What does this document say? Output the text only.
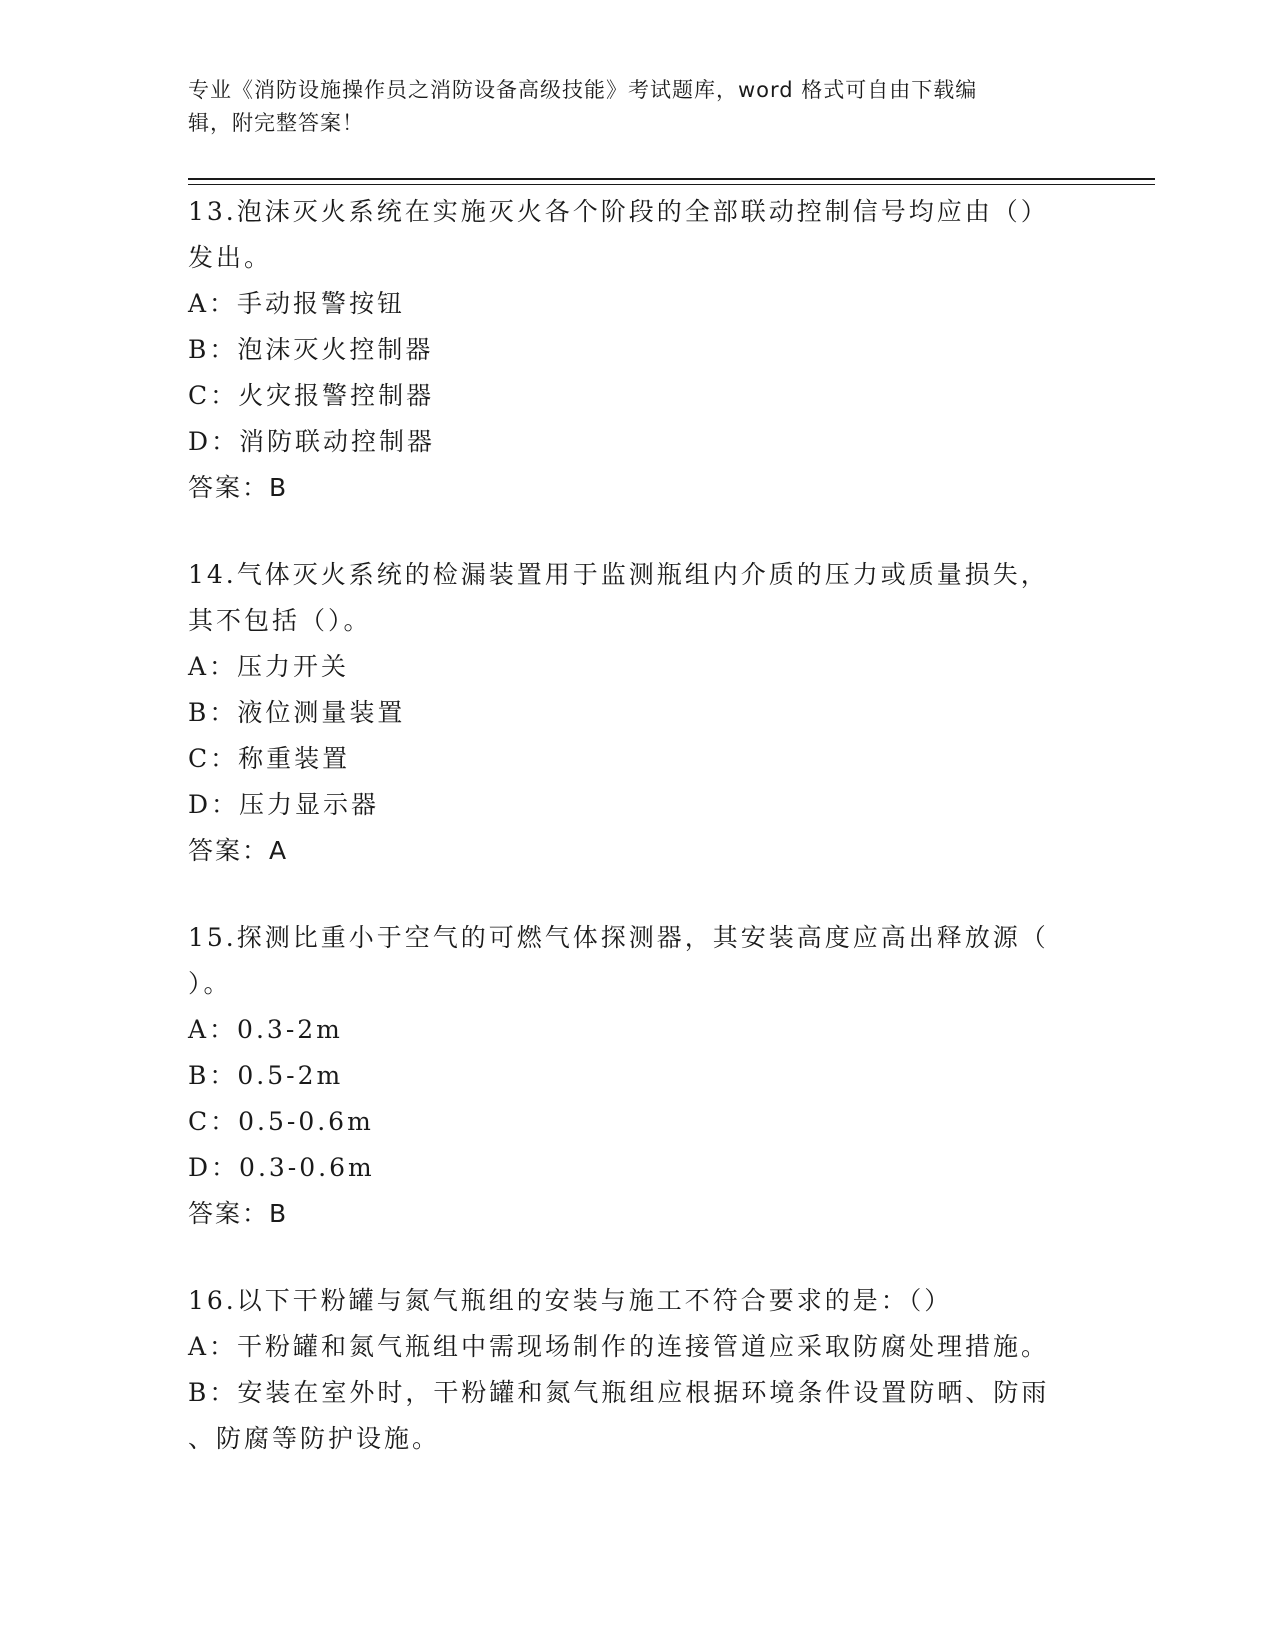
专业《消防设施操作员之消防设备高级技能》考试题库，word 格式可自由下载编
辑，附完整答案！
13.泡沫灭火系统在实施灭火各个阶段的全部联动控制信号均应由（）
发出。
A：手动报警按钮
B：泡沫灭火控制器
C：火灾报警控制器
D：消防联动控制器
答案：B
14.气体灭火系统的检漏装置用于监测瓶组内介质的压力或质量损失，
其不包括（）。
A：压力开关
B：液位测量装置
C：称重装置
D：压力显示器
答案：A
15.探测比重小于空气的可燃气体探测器，其安装高度应高出释放源（
）。
A：0.3-2m
B：0.5-2m
C：0.5-0.6m
D：0.3-0.6m
答案：B
16.以下干粉罐与氮气瓶组的安装与施工不符合要求的是：（）
A：干粉罐和氮气瓶组中需现场制作的连接管道应采取防腐处理措施。
B：安装在室外时，干粉罐和氮气瓶组应根据环境条件设置防晒、防雨
、防腐等防护设施。
